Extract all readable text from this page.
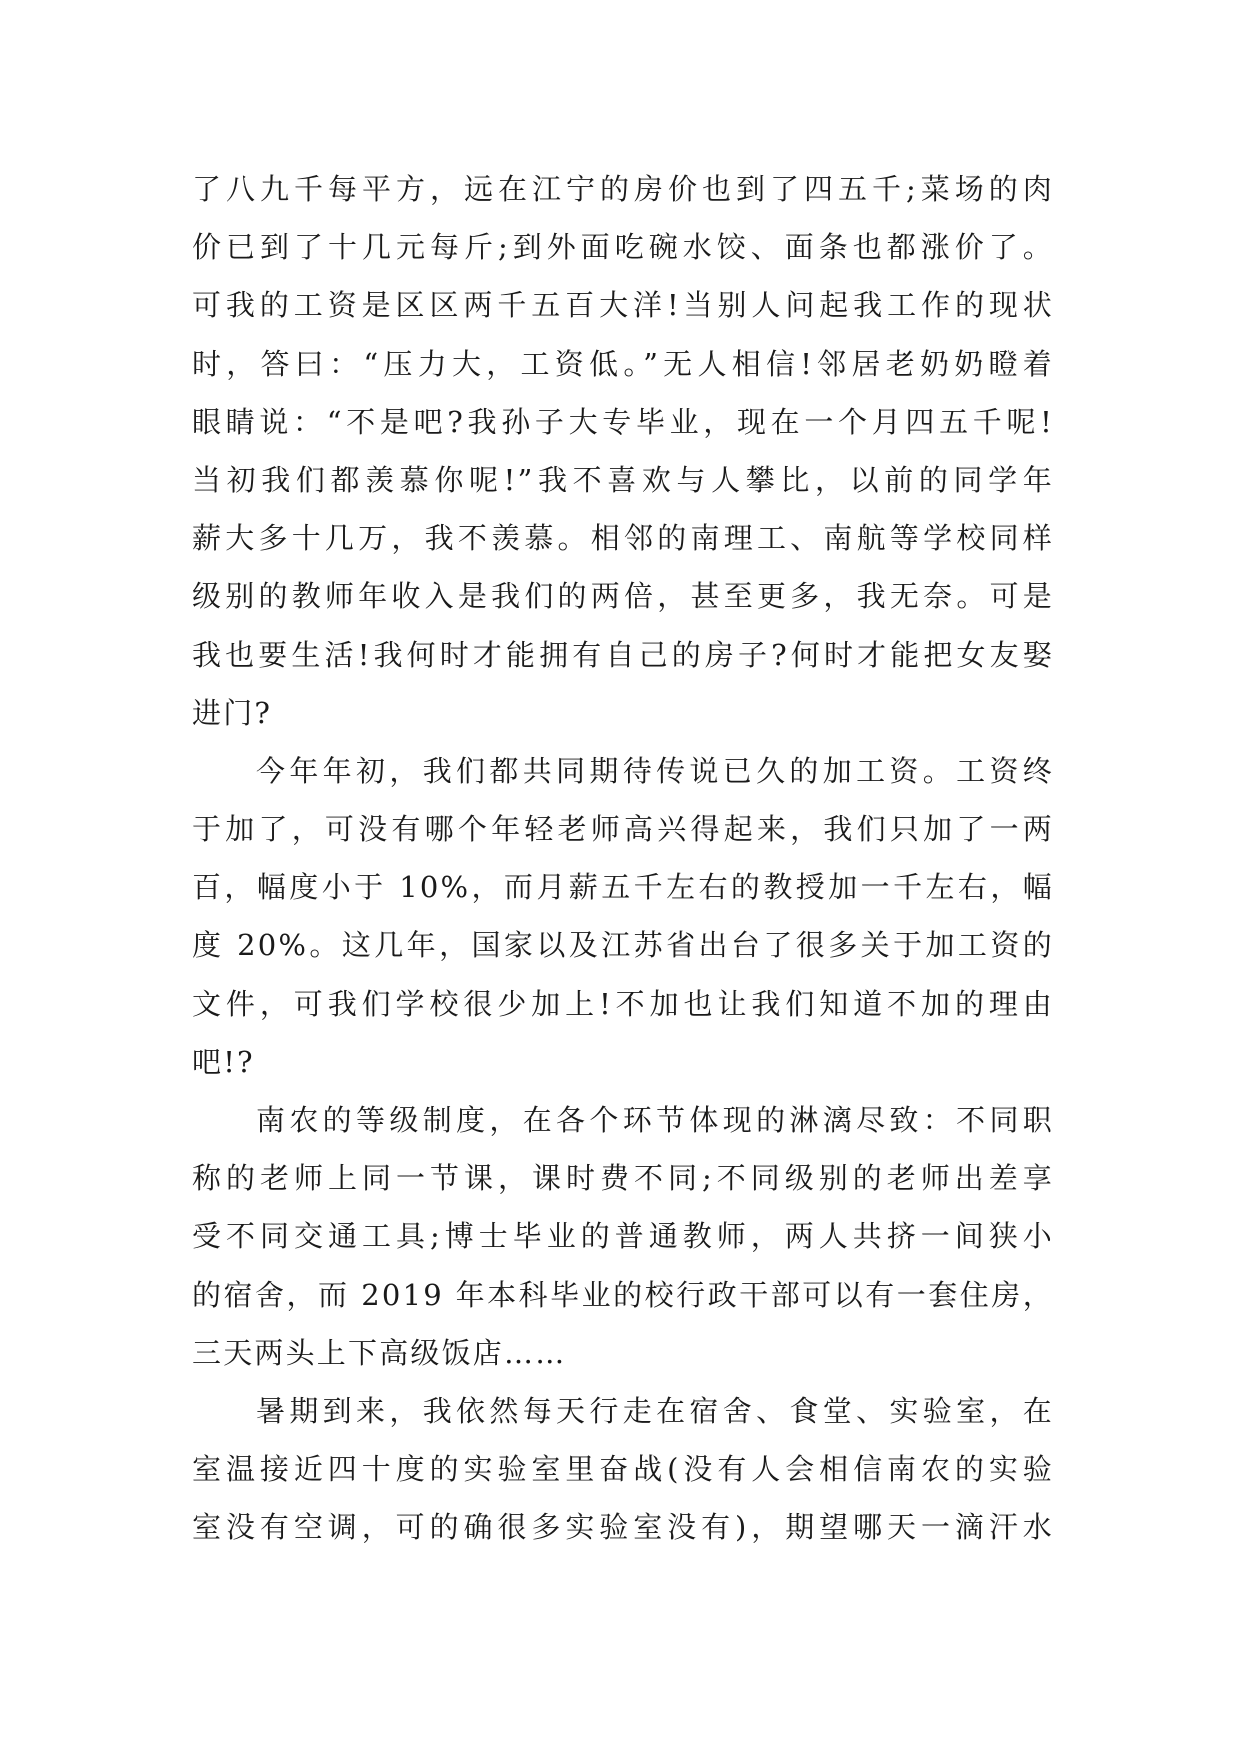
了八九千每平方，远在江宁的房价也到了四五千;菜场的肉
价已到了十几元每斤;到外面吃碗水饺、面条也都涨价了。
可我的工资是区区两千五百大洋!当别人问起我工作的现状
时，答曰：“压力大，工资低。”无人相信!邻居老奶奶瞪着
眼睛说：“不是吧?我孙子大专毕业，现在一个月四五千呢!
当初我们都羡慕你呢!”我不喜欢与人攀比，以前的同学年
薪大多十几万，我不羡慕。相邻的南理工、南航等学校同样
级别的教师年收入是我们的两倍，甚至更多，我无奈。可是
我也要生活!我何时才能拥有自己的房子?何时才能把女友娶
进门?
今年年初，我们都共同期待传说已久的加工资。工资终
于加了，可没有哪个年轻老师高兴得起来，我们只加了一两
百，幅度小于 10%，而月薪五千左右的教授加一千左右，幅
度 20%。这几年，国家以及江苏省出台了很多关于加工资的
文件，可我们学校很少加上!不加也让我们知道不加的理由
吧!?
南农的等级制度，在各个环节体现的淋漓尽致：不同职
称的老师上同一节课，课时费不同;不同级别的老师出差享
受不同交通工具;博士毕业的普通教师，两人共挤一间狭小
的宿舍，而 2019 年本科毕业的校行政干部可以有一套住房，
三天两头上下高级饭店……
暑期到来，我依然每天行走在宿舍、食堂、实验室，在
室温接近四十度的实验室里奋战(没有人会相信南农的实验
室没有空调，可的确很多实验室没有)，期望哪天一滴汗水
